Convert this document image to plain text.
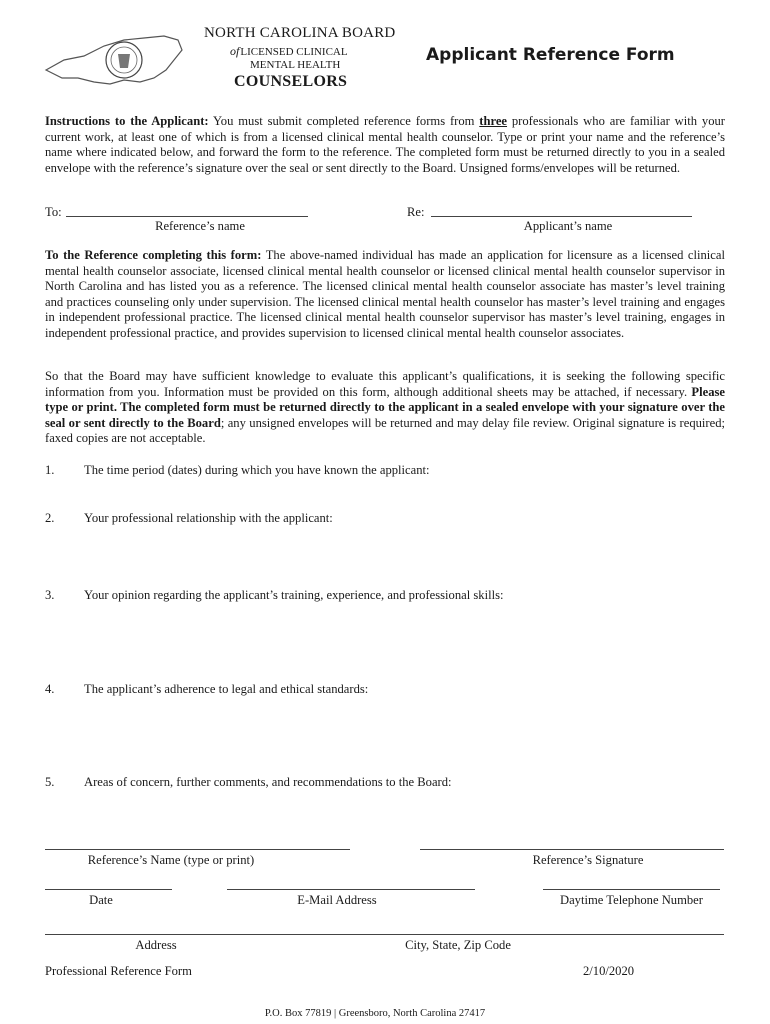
NORTH CAROLINA BOARD
ofLICENSED CLINICAL
MENTAL HEALTH
COUNSELORS
Applicant Reference Form
Instructions to the Applicant: You must submit completed reference forms from three professionals who are familiar with your current work, at least one of which is from a licensed clinical mental health counselor. Type or print your name and the reference’s name where indicated below, and forward the form to the reference. The completed form must be returned directly to you in a sealed envelope with the reference’s signature over the seal or sent directly to the Board. Unsigned forms/envelopes will be returned.
To:
Reference’s name
Re:
Applicant’s name
To the Reference completing this form: The above-named individual has made an application for licensure as a licensed clinical mental health counselor associate, licensed clinical mental health counselor or licensed clinical mental health counselor supervisor in North Carolina and has listed you as a reference. The licensed clinical mental health counselor associate has master’s level training and practices counseling only under supervision. The licensed clinical mental health counselor has master’s level training and engages in independent professional practice. The licensed clinical mental health counselor supervisor has master’s level training, engages in independent professional practice, and provides supervision to licensed clinical mental health counselor associates.
So that the Board may have sufficient knowledge to evaluate this applicant’s qualifications, it is seeking the following specific information from you. Information must be provided on this form, although additional sheets may be attached, if necessary. Please type or print. The completed form must be returned directly to the applicant in a sealed envelope with your signature over the seal or sent directly to the Board; any unsigned envelopes will be returned and may delay file review. Original signature is required; faxed copies are not acceptable.
1. The time period (dates) during which you have known the applicant:
2. Your professional relationship with the applicant:
3. Your opinion regarding the applicant’s training, experience, and professional skills:
4. The applicant’s adherence to legal and ethical standards:
5. Areas of concern, further comments, and recommendations to the Board:
Reference’s Name (type or print)	Reference’s Signature
Date	E-Mail Address	Daytime Telephone Number
Address	City, State, Zip Code
Professional Reference Form	2/10/2020
P.O. Box 77819 | Greensboro, North Carolina 27417
